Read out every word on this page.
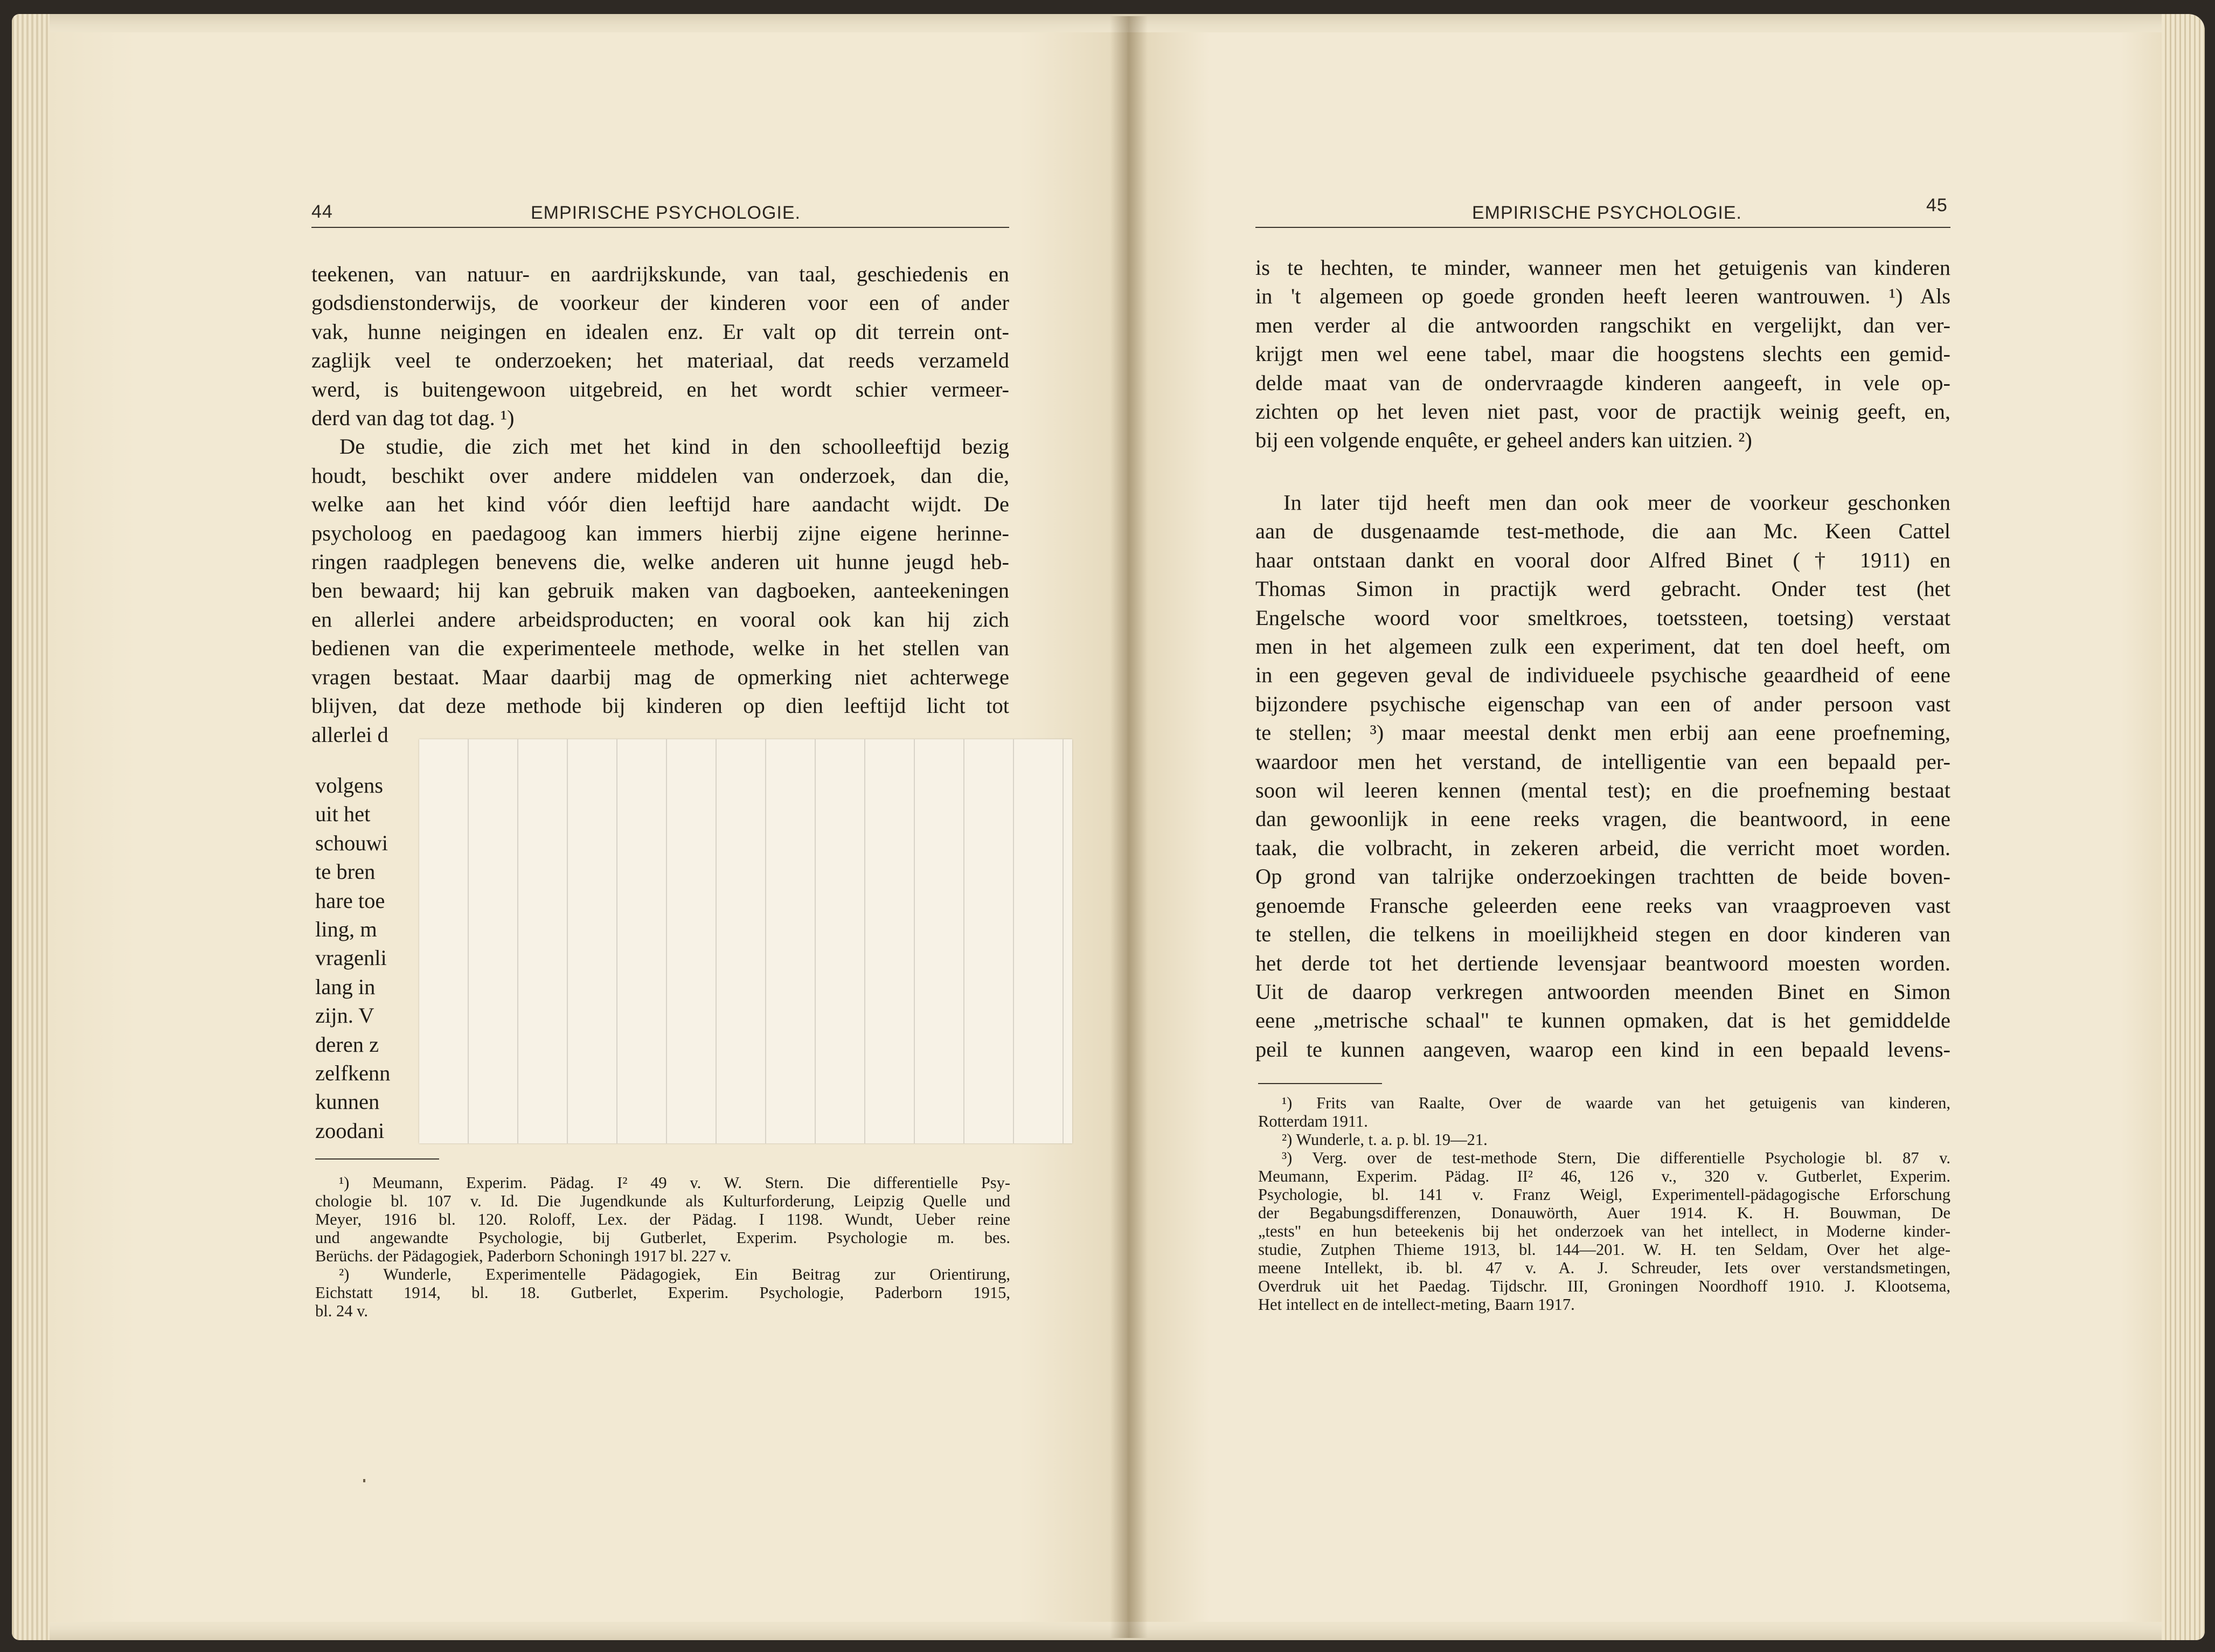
44	EMPIRISCHE PSYCHOLOGIE.
teekenen, van natuur- en aardrijkskunde, van taal, geschiedenis en
godsdienstonderwijs, de voorkeur der kinderen voor een of ander
vak, hunne neigingen en idealen enz. Er valt op dit terrein ont-
zaglijk veel te onderzoeken; het materiaal, dat reeds verzameld
werd, is buitengewoon uitgebreid, en het wordt schier vermeer-
derd van dag tot dag. ¹)
De studie, die zich met het kind in den schoolleeftijd bezig
houdt, beschikt over andere middelen van onderzoek, dan die,
welke aan het kind vóór dien leeftijd hare aandacht wijdt. De
psycholoog en paedagoog kan immers hierbij zijne eigene herinne-
ringen raadplegen benevens die, welke anderen uit hunne jeugd heb-
ben bewaard; hij kan gebruik maken van dagboeken, aanteekeningen
en allerlei andere arbeidsproducten; en vooral ook kan hij zich
bedienen van die experimenteele methode, welke in het stellen van
vragen bestaat. Maar daarbij mag de opmerking niet achterwege
blijven, dat deze methode bij kinderen op dien leeftijd licht tot
allerlei d
volgens
uit het
schouwi
te bren
hare toe
ling, m
vragenli
lang in
zijn. V
deren z
zelfkenn
kunnen
zoodani
¹) Meumann, Experim. Pädag. I² 49 v. W. Stern. Die differentielle Psy-
chologie bl. 107 v. Id. Die Jugendkunde als Kulturforderung, Leipzig Quelle und
Meyer, 1916 bl. 120. Roloff, Lex. der Pädag. I 1198. Wundt, Ueber reine
und angewandte Psychologie, bij Gutberlet, Experim. Psychologie m. bes.
Berüchs. der Pädagogiek, Paderborn Schoningh 1917 bl. 227 v.
²) Wunderle, Experimentelle Pädagogiek, Ein Beitrag zur Orientirung,
Eichstatt 1914, bl. 18. Gutberlet, Experim. Psychologie, Paderborn 1915,
bl. 24 v.
EMPIRISCHE PSYCHOLOGIE.	45
is te hechten, te minder, wanneer men het getuigenis van kinderen
in 't algemeen op goede gronden heeft leeren wantrouwen. ¹) Als
men verder al die antwoorden rangschikt en vergelijkt, dan ver-
krijgt men wel eene tabel, maar die hoogstens slechts een gemid-
delde maat van de ondervraagde kinderen aangeeft, in vele op-
zichten op het leven niet past, voor de practijk weinig geeft, en,
bij een volgende enquête, er geheel anders kan uitzien. ²)
In later tijd heeft men dan ook meer de voorkeur geschonken
aan de dusgenaamde test-methode, die aan Mc. Keen Cattel
haar ontstaan dankt en vooral door Alfred Binet († 1911) en
Thomas Simon in practijk werd gebracht. Onder test (het
Engelsche woord voor smeltkroes, toetssteen, toetsing) verstaat
men in het algemeen zulk een experiment, dat ten doel heeft, om
in een gegeven geval de individueele psychische geaardheid of eene
bijzondere psychische eigenschap van een of ander persoon vast
te stellen; ³) maar meestal denkt men erbij aan eene proefneming,
waardoor men het verstand, de intelligentie van een bepaald per-
soon wil leeren kennen (mental test); en die proefneming bestaat
dan gewoonlijk in eene reeks vragen, die beantwoord, in eene
taak, die volbracht, in zekeren arbeid, die verricht moet worden.
Op grond van talrijke onderzoekingen trachtten de beide boven-
genoemde Fransche geleerden eene reeks van vraagproeven vast
te stellen, die telkens in moeilijkheid stegen en door kinderen van
het derde tot het dertiende levensjaar beantwoord moesten worden.
Uit de daarop verkregen antwoorden meenden Binet en Simon
eene „metrische schaal" te kunnen opmaken, dat is het gemiddelde
peil te kunnen aangeven, waarop een kind in een bepaald levens-
¹) Frits van Raalte, Over de waarde van het getuigenis van kinderen,
Rotterdam 1911.
²) Wunderle, t. a. p. bl. 19—21.
³) Verg. over de test-methode Stern, Die differentielle Psychologie bl. 87 v.
Meumann, Experim. Pädag. II² 46, 126 v., 320 v. Gutberlet, Experim.
Psychologie, bl. 141 v. Franz Weigl, Experimentell-pädagogische Erforschung
der Begabungsdifferenzen, Donauwörth, Auer 1914. K. H. Bouwman, De
„tests" en hun beteekenis bij het onderzoek van het intellect, in Moderne kinder-
studie, Zutphen Thieme 1913, bl. 144—201. W. H. ten Seldam, Over het alge-
meene Intellekt, ib. bl. 47 v. A. J. Schreuder, Iets over verstandsmetingen,
Overdruk uit het Paedag. Tijdschr. III, Groningen Noordhoff 1910. J. Klootsema,
Het intellect en de intellect-meting, Baarn 1917.
